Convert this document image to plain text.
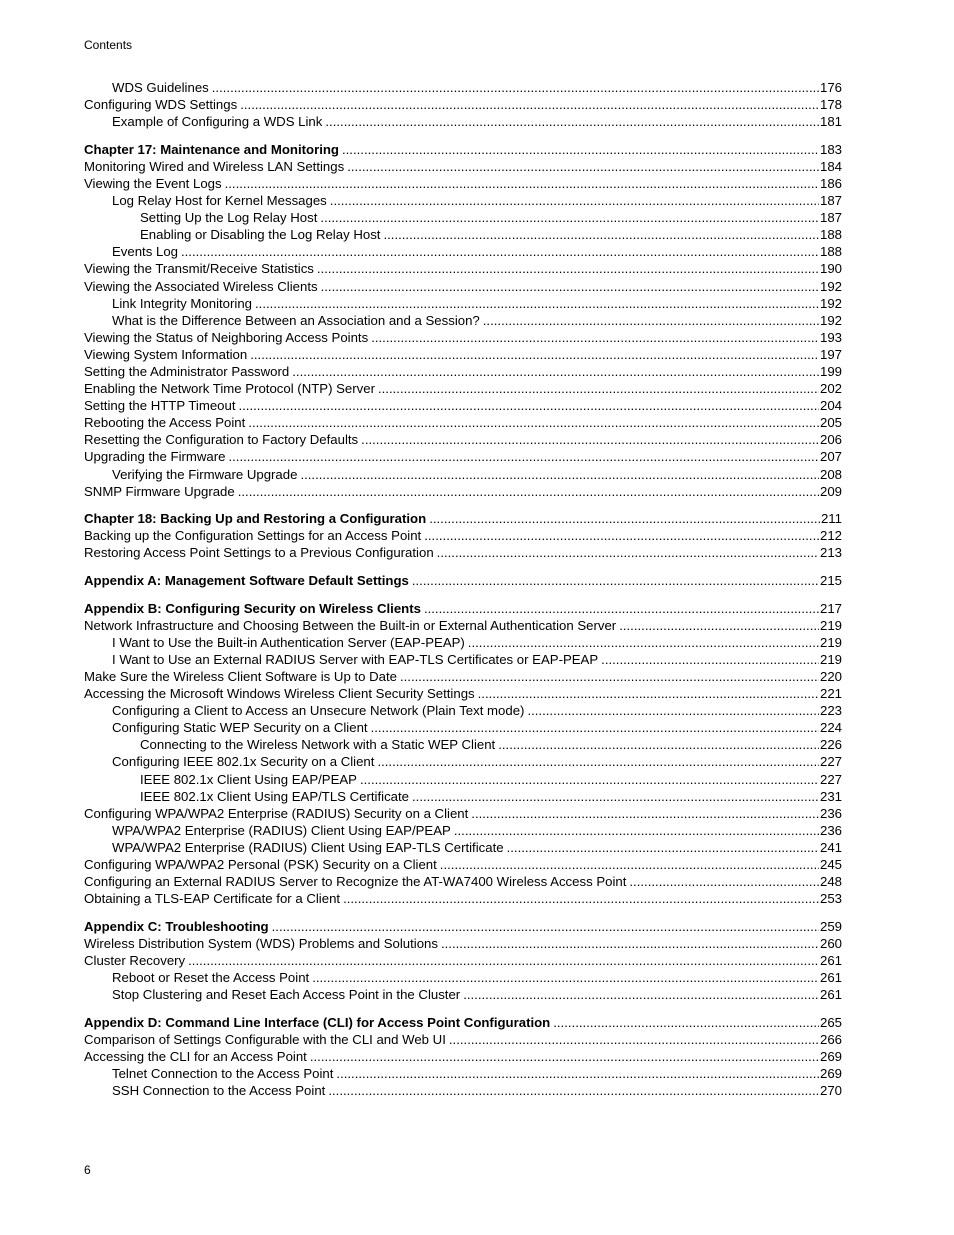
Contents
WDS Guidelines .....	176
Configuring WDS Settings .....	178
Example of Configuring a WDS Link .....	181
Chapter 17: Maintenance and Monitoring .....	183
Monitoring Wired and Wireless LAN Settings .....	184
Viewing the Event Logs .....	186
Log Relay Host for Kernel Messages .....	187
Setting Up the Log Relay Host .....	187
Enabling or Disabling the Log Relay Host .....	188
Events Log .....	188
Viewing the Transmit/Receive Statistics .....	190
Viewing the Associated Wireless Clients .....	192
Link Integrity Monitoring .....	192
What is the Difference Between an Association and a Session? .....	192
Viewing the Status of Neighboring Access Points .....	193
Viewing System Information .....	197
Setting the Administrator Password .....	199
Enabling the Network Time Protocol (NTP) Server .....	202
Setting the HTTP Timeout .....	204
Rebooting the Access Point .....	205
Resetting the Configuration to Factory Defaults .....	206
Upgrading the Firmware .....	207
Verifying the Firmware Upgrade .....	208
SNMP Firmware Upgrade .....	209
Chapter 18: Backing Up and Restoring a Configuration .....	211
Backing up the Configuration Settings for an Access Point .....	212
Restoring Access Point Settings to a Previous Configuration .....	213
Appendix A: Management Software Default Settings .....	215
Appendix B: Configuring Security on Wireless Clients .....	217
Network Infrastructure and Choosing Between the Built-in or External Authentication Server .....	219
I Want to Use the Built-in Authentication Server (EAP-PEAP) .....	219
I Want to Use an External RADIUS Server with EAP-TLS Certificates or EAP-PEAP .....	219
Make Sure the Wireless Client Software is Up to Date .....	220
Accessing the Microsoft Windows Wireless Client Security Settings .....	221
Configuring a Client to Access an Unsecure Network (Plain Text mode) .....	223
Configuring Static WEP Security on a Client .....	224
Connecting to the Wireless Network with a Static WEP Client .....	226
Configuring IEEE 802.1x Security on a Client .....	227
IEEE 802.1x Client Using EAP/PEAP .....	227
IEEE 802.1x Client Using EAP/TLS Certificate .....	231
Configuring WPA/WPA2 Enterprise (RADIUS) Security on a Client .....	236
WPA/WPA2 Enterprise (RADIUS) Client Using EAP/PEAP .....	236
WPA/WPA2 Enterprise (RADIUS) Client Using EAP-TLS Certificate .....	241
Configuring WPA/WPA2 Personal (PSK) Security on a Client .....	245
Configuring an External RADIUS Server to Recognize the AT-WA7400 Wireless Access Point .....	248
Obtaining a TLS-EAP Certificate for a Client .....	253
Appendix C: Troubleshooting .....	259
Wireless Distribution System (WDS) Problems and Solutions .....	260
Cluster Recovery .....	261
Reboot or Reset the Access Point .....	261
Stop Clustering and Reset Each Access Point in the Cluster .....	261
Appendix D: Command Line Interface (CLI) for Access Point Configuration .....	265
Comparison of Settings Configurable with the CLI and Web UI .....	266
Accessing the CLI for an Access Point .....	269
Telnet Connection to the Access Point .....	269
SSH Connection to the Access Point .....	270
6
